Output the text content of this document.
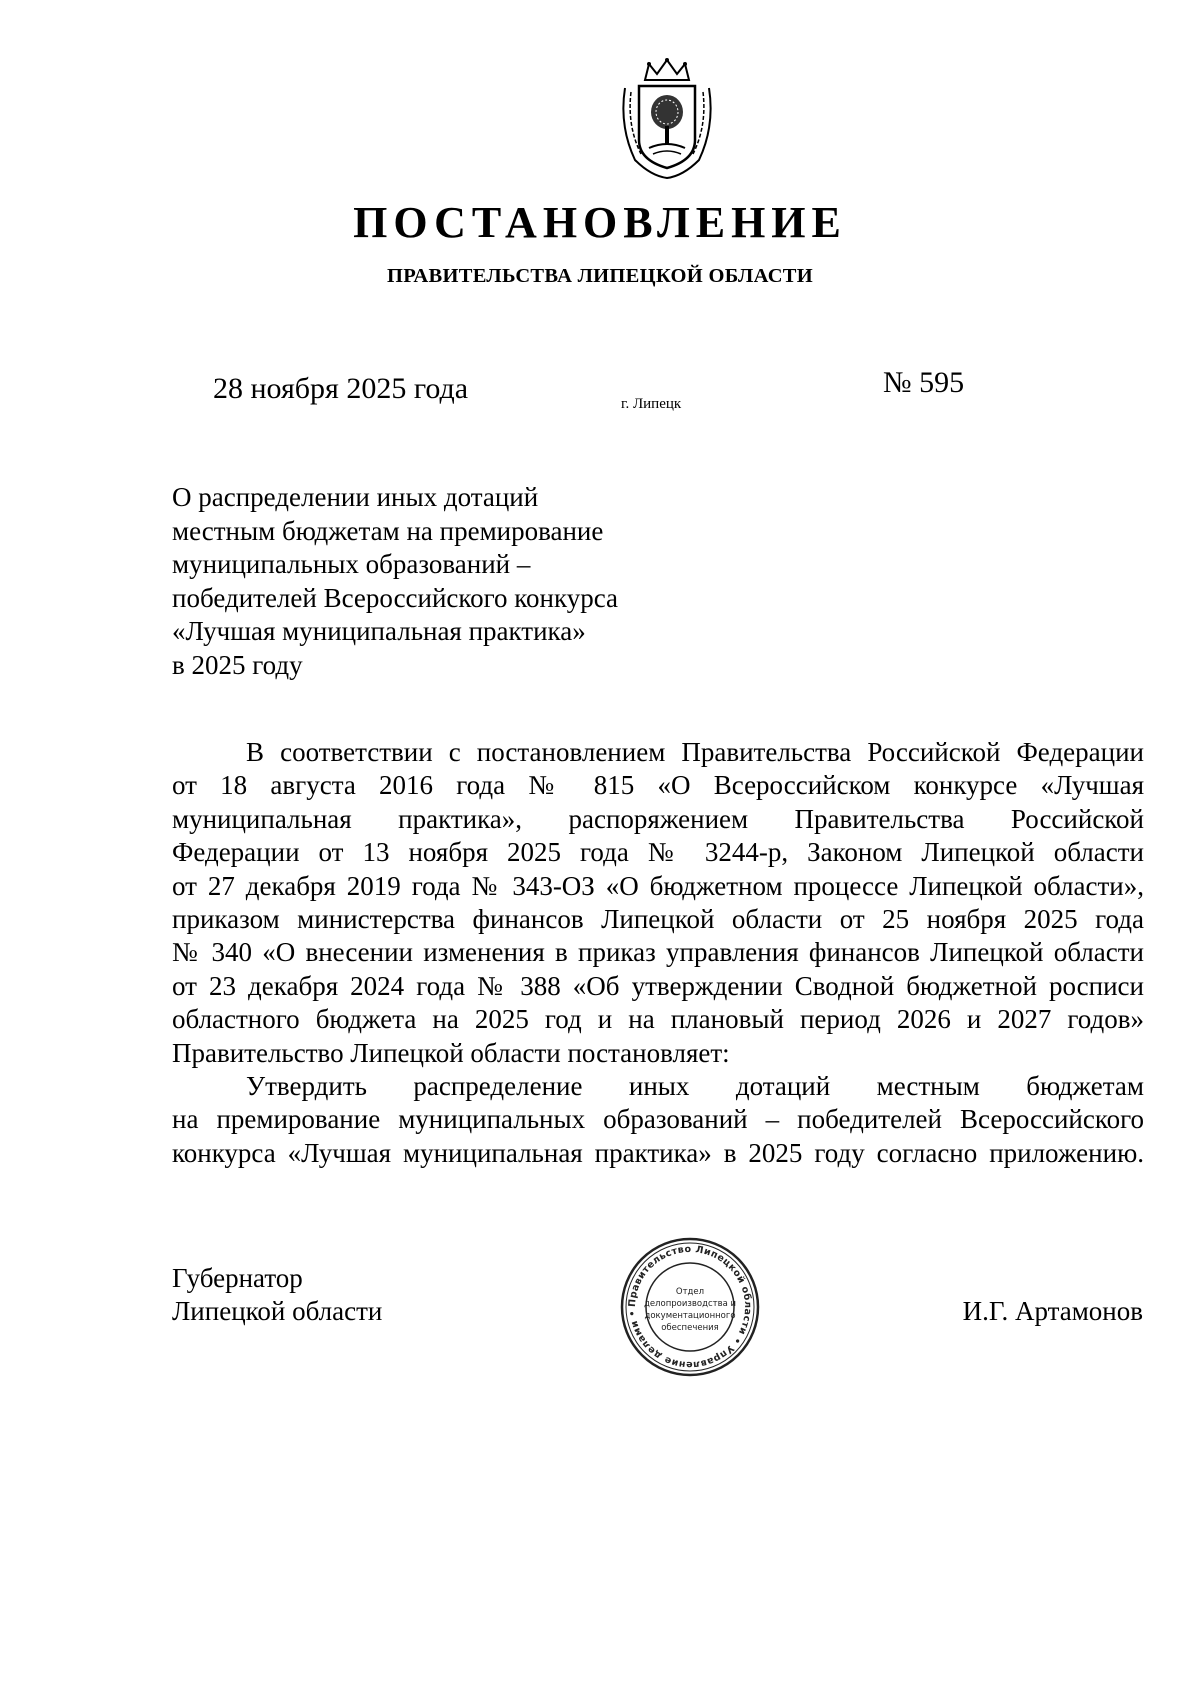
ПОСТАНОВЛЕНИЕ
ПРАВИТЕЛЬСТВА ЛИПЕЦКОЙ ОБЛАСТИ
28 ноября 2025 года	г. Липецк
№ 595
О распределении иных дотаций
местным бюджетам на премирование
муниципальных образований –
победителей Всероссийского конкурса
«Лучшая муниципальная практика»
в 2025 году
В соответствии с постановлением Правительства Российской Федерации
от 18 августа 2016 года № 815 «О Всероссийском конкурсе «Лучшая
муниципальная практика», распоряжением Правительства Российской
Федерации от 13 ноября 2025 года № 3244-р, Законом Липецкой области
от 27 декабря 2019 года № 343-ОЗ «О бюджетном процессе Липецкой области»,
приказом министерства финансов Липецкой области от 25 ноября 2025 года
№ 340 «О внесении изменения в приказ управления финансов Липецкой области
от 23 декабря 2024 года № 388 «Об утверждении Сводной бюджетной росписи
областного бюджета на 2025 год и на плановый период 2026 и 2027 годов»
Правительство Липецкой области постановляет:
Утвердить распределение иных дотаций местным бюджетам
на премирование муниципальных образований – победителей Всероссийского
конкурса «Лучшая муниципальная практика» в 2025 году согласно приложению.
Губернатор
Липецкой области	И.Г. Артамонов
Правительство Липецкой области • Управление делами •
Отдел
делопроизводства и
документационного
обеспечения
